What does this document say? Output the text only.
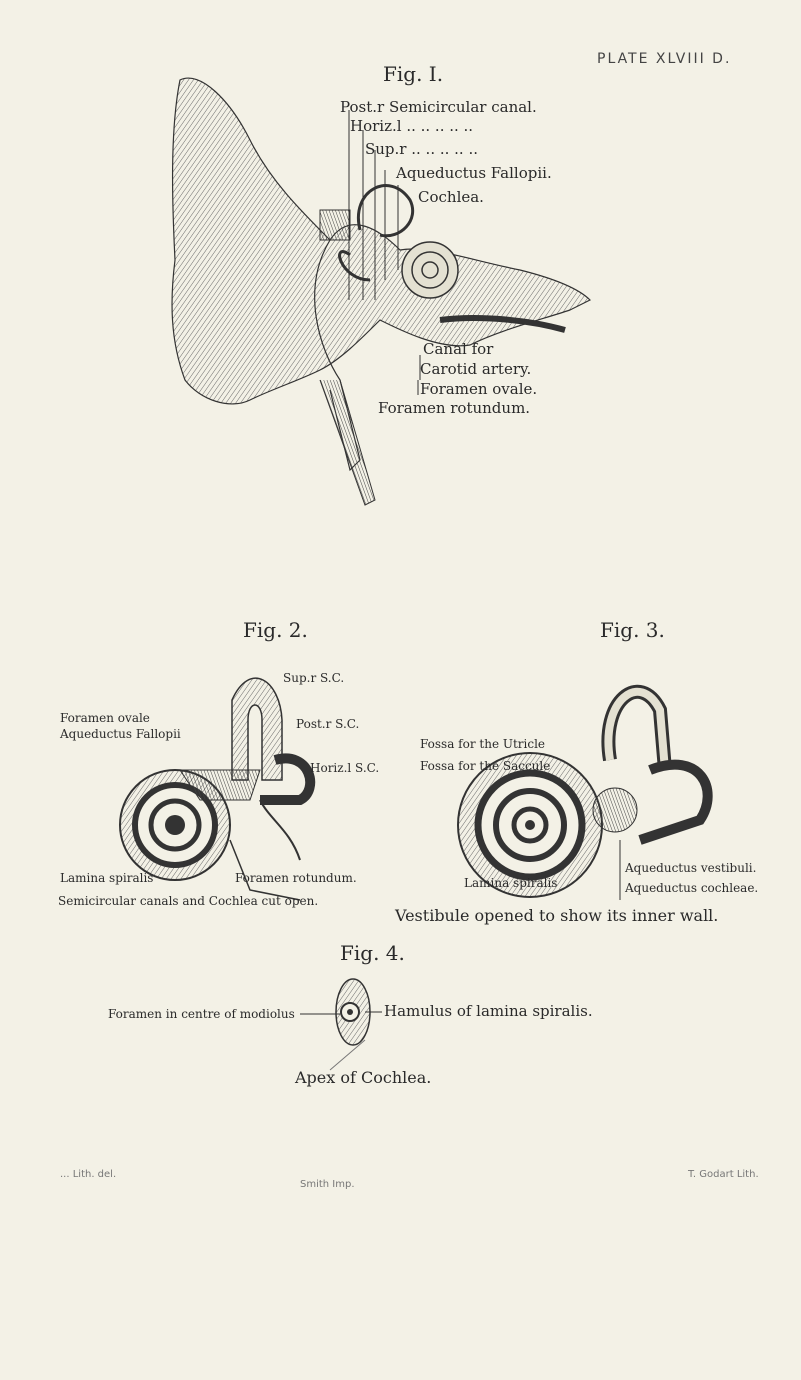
PLATE XLVIII D.
Fig. I.
Post.r Semicircular canal.
Horiz.l .. .. .. .. ..
Sup.r .. .. .. .. ..
Aqueductus Fallopii.
Cochlea.
Canal for
Carotid artery.
Foramen ovale.
Foramen rotundum.
Fig. 2.
Sup.r S.C.
Foramen ovale
Aqueductus Fallopii
Post.r S.C.
Horiz.l S.C.
Lamina spiralis	Foramen rotundum.
Semicircular canals and Cochlea cut open.
Fig. 3.
Fossa for the Utricle
Fossa for the Saccule
Lamina spiralis
Aqueductus vestibuli.
Aqueductus cochleae.
Vestibule opened to show its inner wall.
Fig. 4.
Foramen in centre of modiolus	Hamulus of lamina spiralis.
Apex of Cochlea.
... Lith. del.
Smith Imp.
T. Godart Lith.
